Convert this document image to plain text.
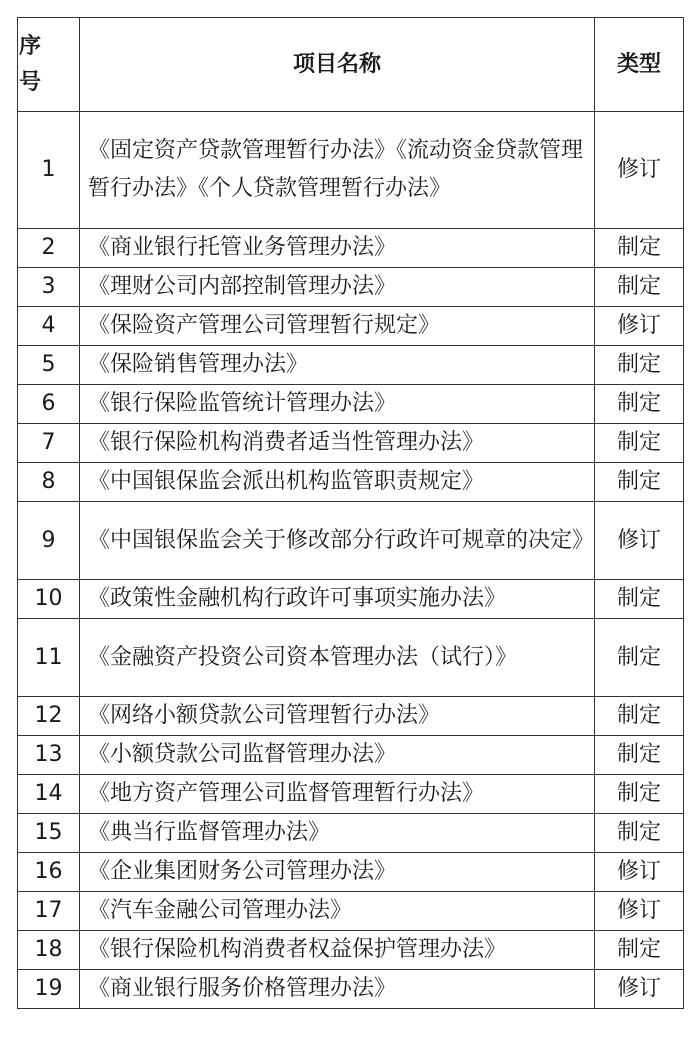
序号	项目名称	类型
1	《固定资产贷款管理暂行办法》《流动资金贷款管理暂行办法》《个人贷款管理暂行办法》	修订
2	《商业银行托管业务管理办法》	制定
3	《理财公司内部控制管理办法》	制定
4	《保险资产管理公司管理暂行规定》	修订
5	《保险销售管理办法》	制定
6	《银行保险监管统计管理办法》	制定
7	《银行保险机构消费者适当性管理办法》	制定
8	《中国银保监会派出机构监管职责规定》	制定
9	《中国银保监会关于修改部分行政许可规章的决定》	修订
10	《政策性金融机构行政许可事项实施办法》	制定
11	《金融资产投资公司资本管理办法（试行）》	制定
12	《网络小额贷款公司管理暂行办法》	制定
13	《小额贷款公司监督管理办法》	制定
14	《地方资产管理公司监督管理暂行办法》	制定
15	《典当行监督管理办法》	制定
16	《企业集团财务公司管理办法》	修订
17	《汽车金融公司管理办法》	修订
18	《银行保险机构消费者权益保护管理办法》	制定
19	《商业银行服务价格管理办法》	修订
